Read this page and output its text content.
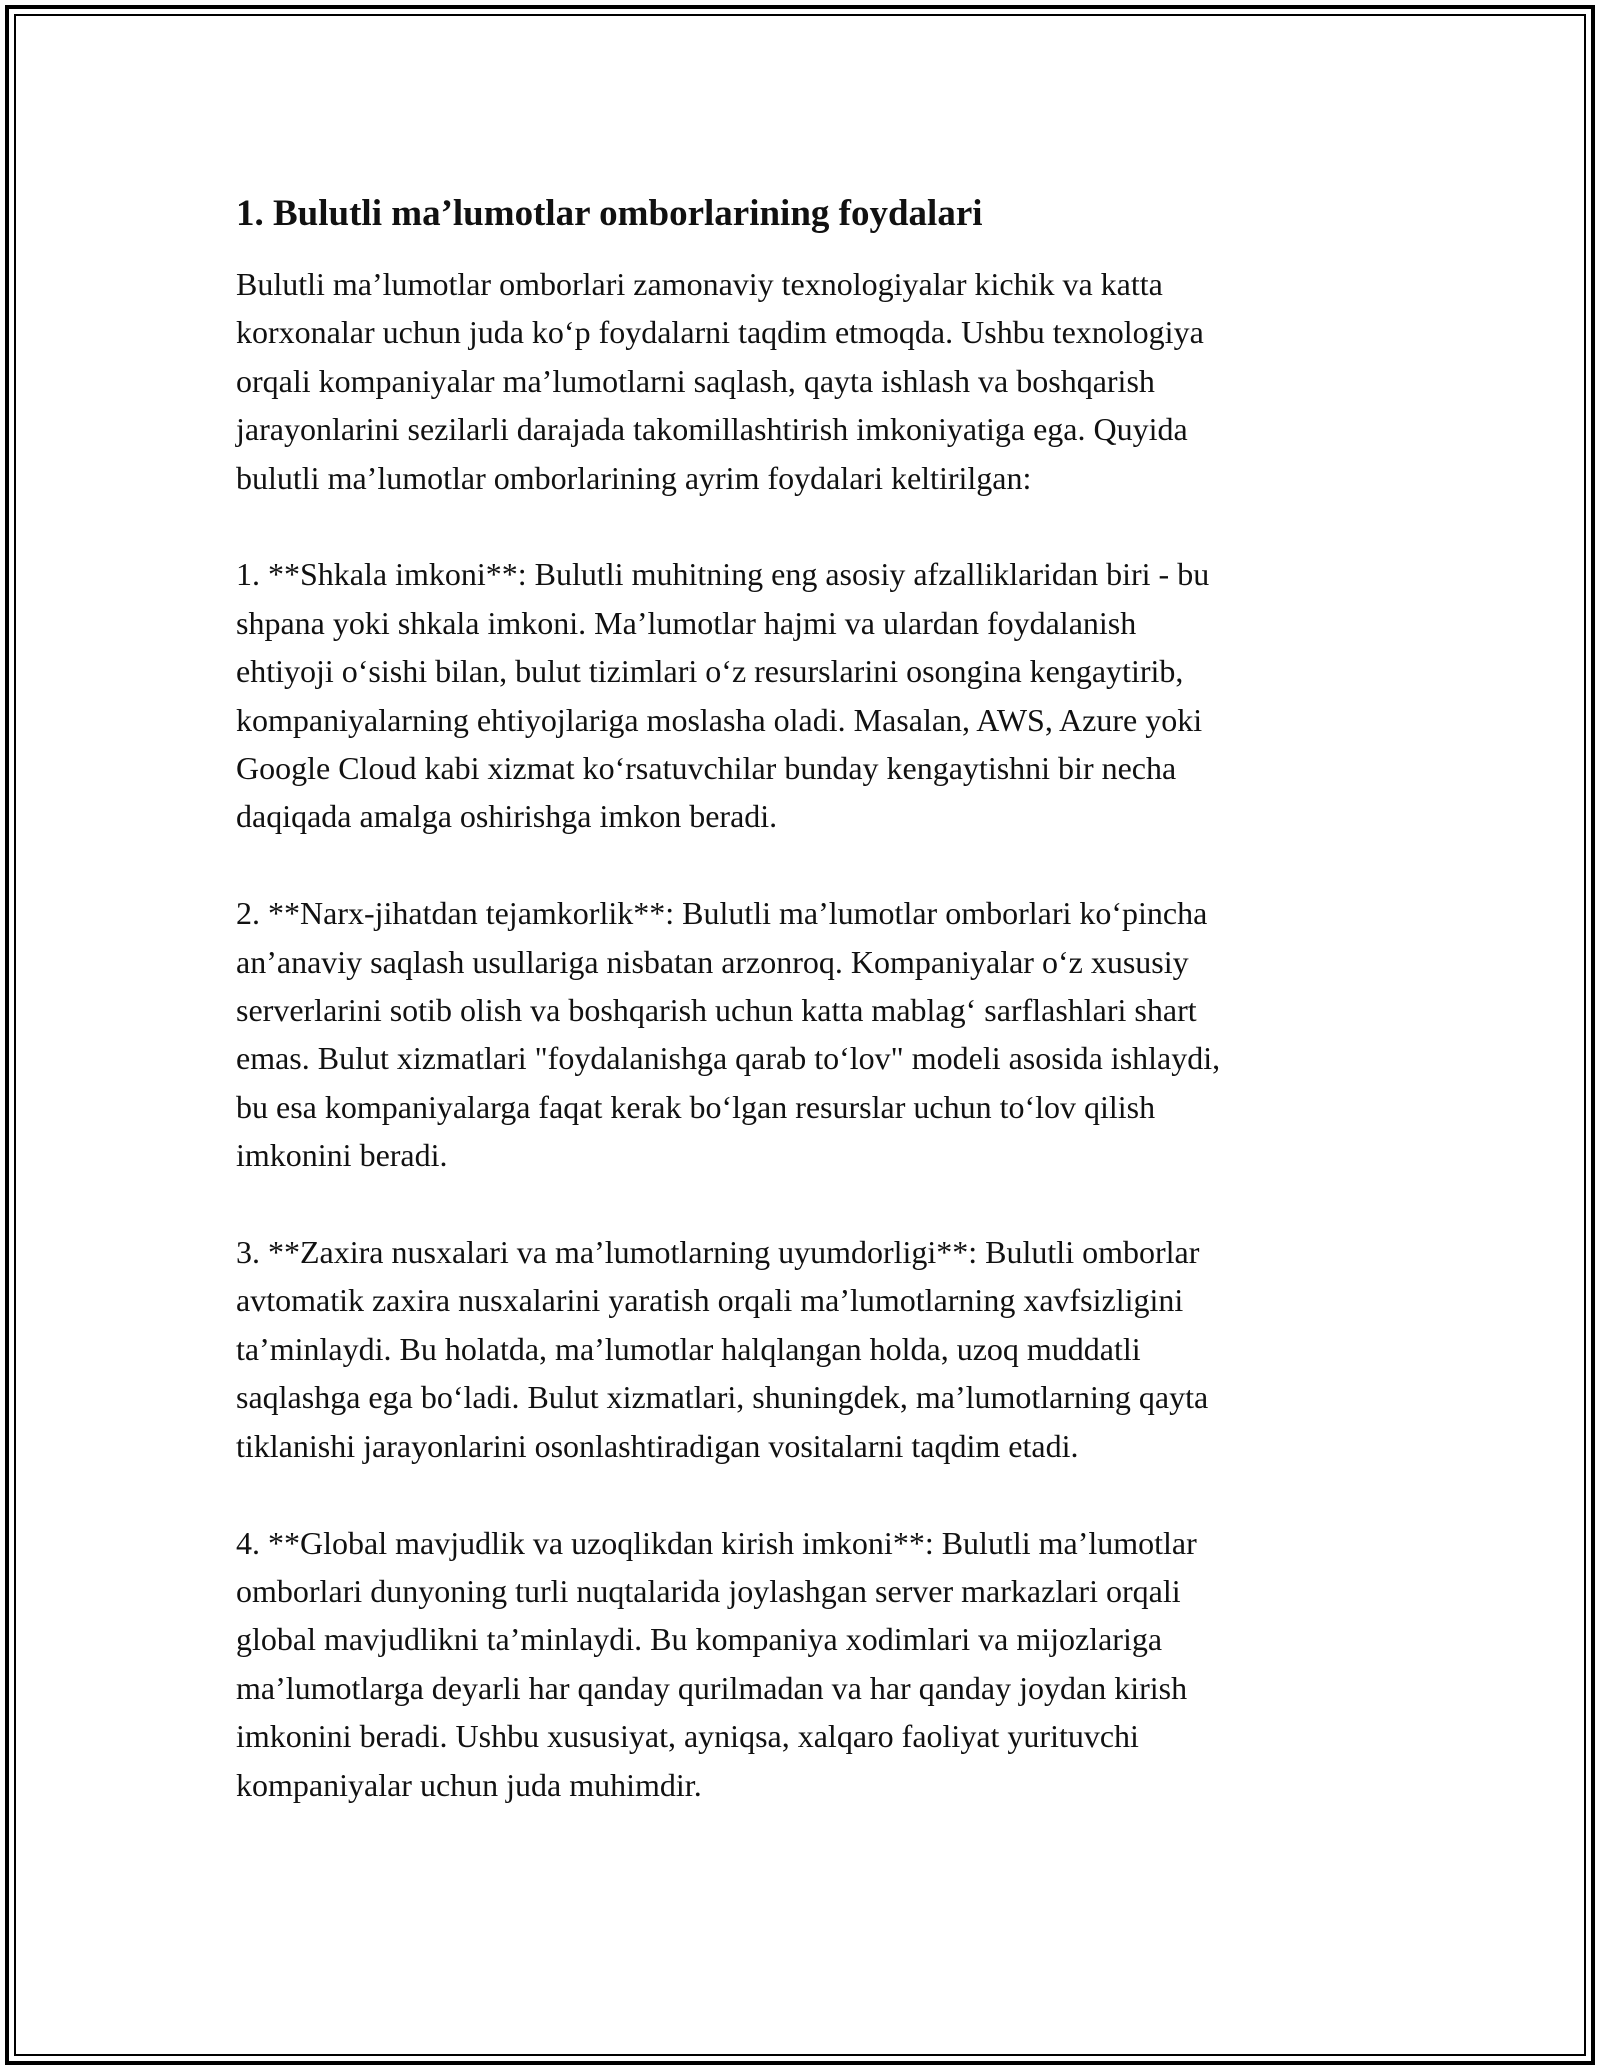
1. Bulutli ma’lumotlar omborlarining foydalari

Bulutli ma’lumotlar omborlari zamonaviy texnologiyalar kichik va katta
korxonalar uchun juda ko‘p foydalarni taqdim etmoqda. Ushbu texnologiya
orqali kompaniyalar ma’lumotlarni saqlash, qayta ishlash va boshqarish
jarayonlarini sezilarli darajada takomillashtirish imkoniyatiga ega. Quyida
bulutli ma’lumotlar omborlarining ayrim foydalari keltirilgan:

1. **Shkala imkoni**: Bulutli muhitning eng asosiy afzalliklaridan biri - bu
shpana yoki shkala imkoni. Ma’lumotlar hajmi va ulardan foydalanish
ehtiyoji o‘sishi bilan, bulut tizimlari o‘z resurslarini osongina kengaytirib,
kompaniyalarning ehtiyojlariga moslasha oladi. Masalan, AWS, Azure yoki
Google Cloud kabi xizmat ko‘rsatuvchilar bunday kengaytishni bir necha
daqiqada amalga oshirishga imkon beradi.

2. **Narx-jihatdan tejamkorlik**: Bulutli ma’lumotlar omborlari ko‘pincha
an’anaviy saqlash usullariga nisbatan arzonroq. Kompaniyalar o‘z xususiy
serverlarini sotib olish va boshqarish uchun katta mablag‘ sarflashlari shart
emas. Bulut xizmatlari "foydalanishga qarab to‘lov" modeli asosida ishlaydi,
bu esa kompaniyalarga faqat kerak bo‘lgan resurslar uchun to‘lov qilish
imkonini beradi.

3. **Zaxira nusxalari va ma’lumotlarning uyumdorligi**: Bulutli omborlar
avtomatik zaxira nusxalarini yaratish orqali ma’lumotlarning xavfsizligini
ta’minlaydi. Bu holatda, ma’lumotlar halqlangan holda, uzoq muddatli
saqlashga ega bo‘ladi. Bulut xizmatlari, shuningdek, ma’lumotlarning qayta
tiklanishi jarayonlarini osonlashtiradigan vositalarni taqdim etadi.

4. **Global mavjudlik va uzoqlikdan kirish imkoni**: Bulutli ma’lumotlar
omborlari dunyoning turli nuqtalarida joylashgan server markazlari orqali
global mavjudlikni ta’minlaydi. Bu kompaniya xodimlari va mijozlariga
ma’lumotlarga deyarli har qanday qurilmadan va har qanday joydan kirish
imkonini beradi. Ushbu xususiyat, ayniqsa, xalqaro faoliyat yurituvchi
kompaniyalar uchun juda muhimdir.
